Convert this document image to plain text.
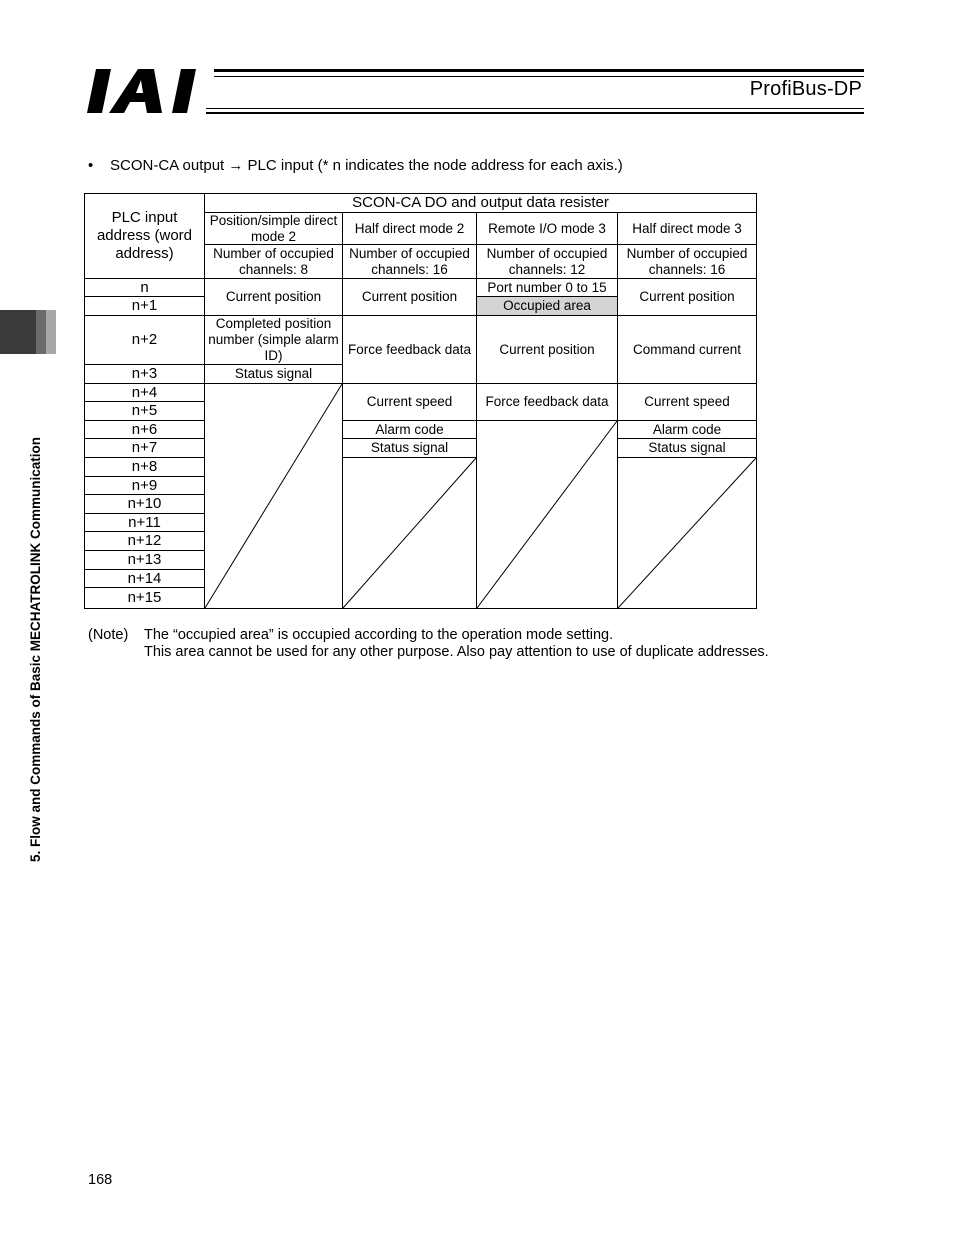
ProfiBus-DP
5. Flow and Commands of Basic MECHATROLINK Communication
• SCON-CA output → PLC input (* n indicates the node address for each axis.)
PLC input address (word address)
SCON-CA DO and output data resister
Position/simple direct mode 2
Half direct mode 2	Remote I/O mode 3	Half direct mode 3
Number of occupied channels: 8
Number of occupied channels: 16
Number of occupied channels: 12
Number of occupied channels: 16
n
n+1
n+2
n+3
n+4
n+5
n+6
n+7
n+8
n+9
n+10
n+11
n+12
n+13
n+14
n+15
Current position
Completed position number (simple alarm ID)
Status signal
Current position
Force feedback data
Current speed
Alarm code
Status signal
Port number 0 to 15
Occupied area
Current position
Force feedback data
Current position
Command current
Current speed
Alarm code
Status signal
(Note) The “occupied area” is occupied according to the operation mode setting.
This area cannot be used for any other purpose. Also pay attention to use of duplicate addresses.
168
